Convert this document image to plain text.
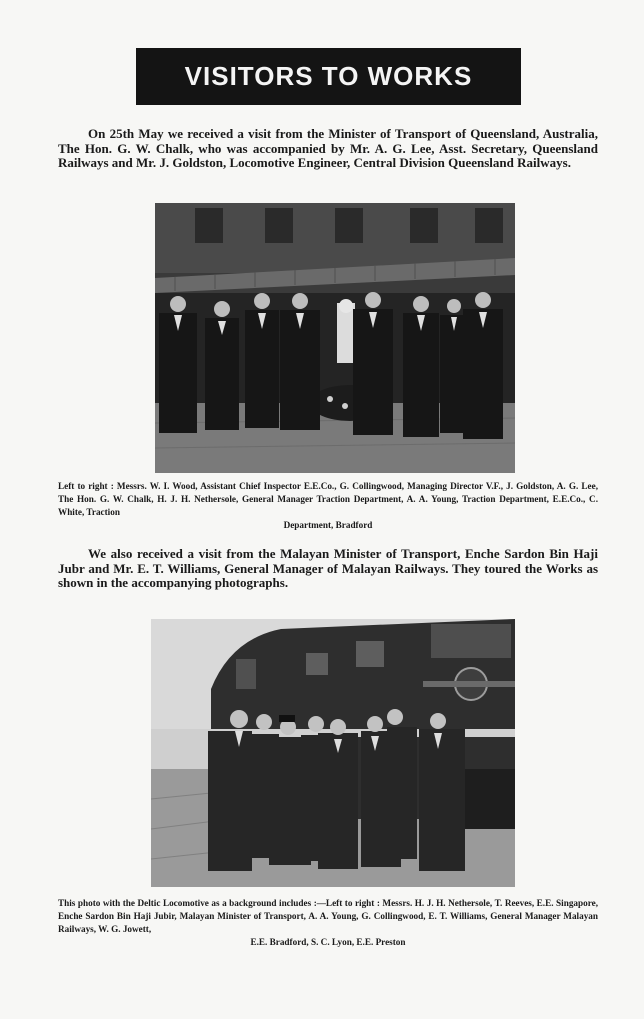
VISITORS TO WORKS

On 25th May we received a visit from the Minister of Transport of Queensland, Australia, The Hon. G. W. Chalk, who was accompanied by Mr. A. G. Lee, Asst. Secretary, Queensland Railways and Mr. J. Goldston, Locomotive Engineer, Central Division Queensland Railways.

Left to right : Messrs. W. I. Wood, Assistant Chief Inspector E.E.Co., G. Collingwood, Managing Director V.F., J. Goldston, A. G. Lee, The Hon. G. W. Chalk, H. J. H. Nethersole, General Manager Traction Department, A. A. Young, Traction Department, E.E.Co., C. White, Traction
Department, Bradford

We also received a visit from the Malayan Minister of Transport, Enche Sardon Bin Haji Jubr and Mr. E. T. Williams, General Manager of Malayan Railways. They toured the Works as shown in the accompanying photographs.

This photo with the Deltic Locomotive as a background includes :—Left to right : Messrs. H. J. H. Nethersole, T. Reeves, E.E. Singapore, Enche Sardon Bin Haji Jubir, Malayan Minister of Transport, A. A. Young, G. Collingwood, E. T. Williams, General Manager Malayan Railways, W. G. Jowett,
E.E. Bradford, S. C. Lyon, E.E. Preston
